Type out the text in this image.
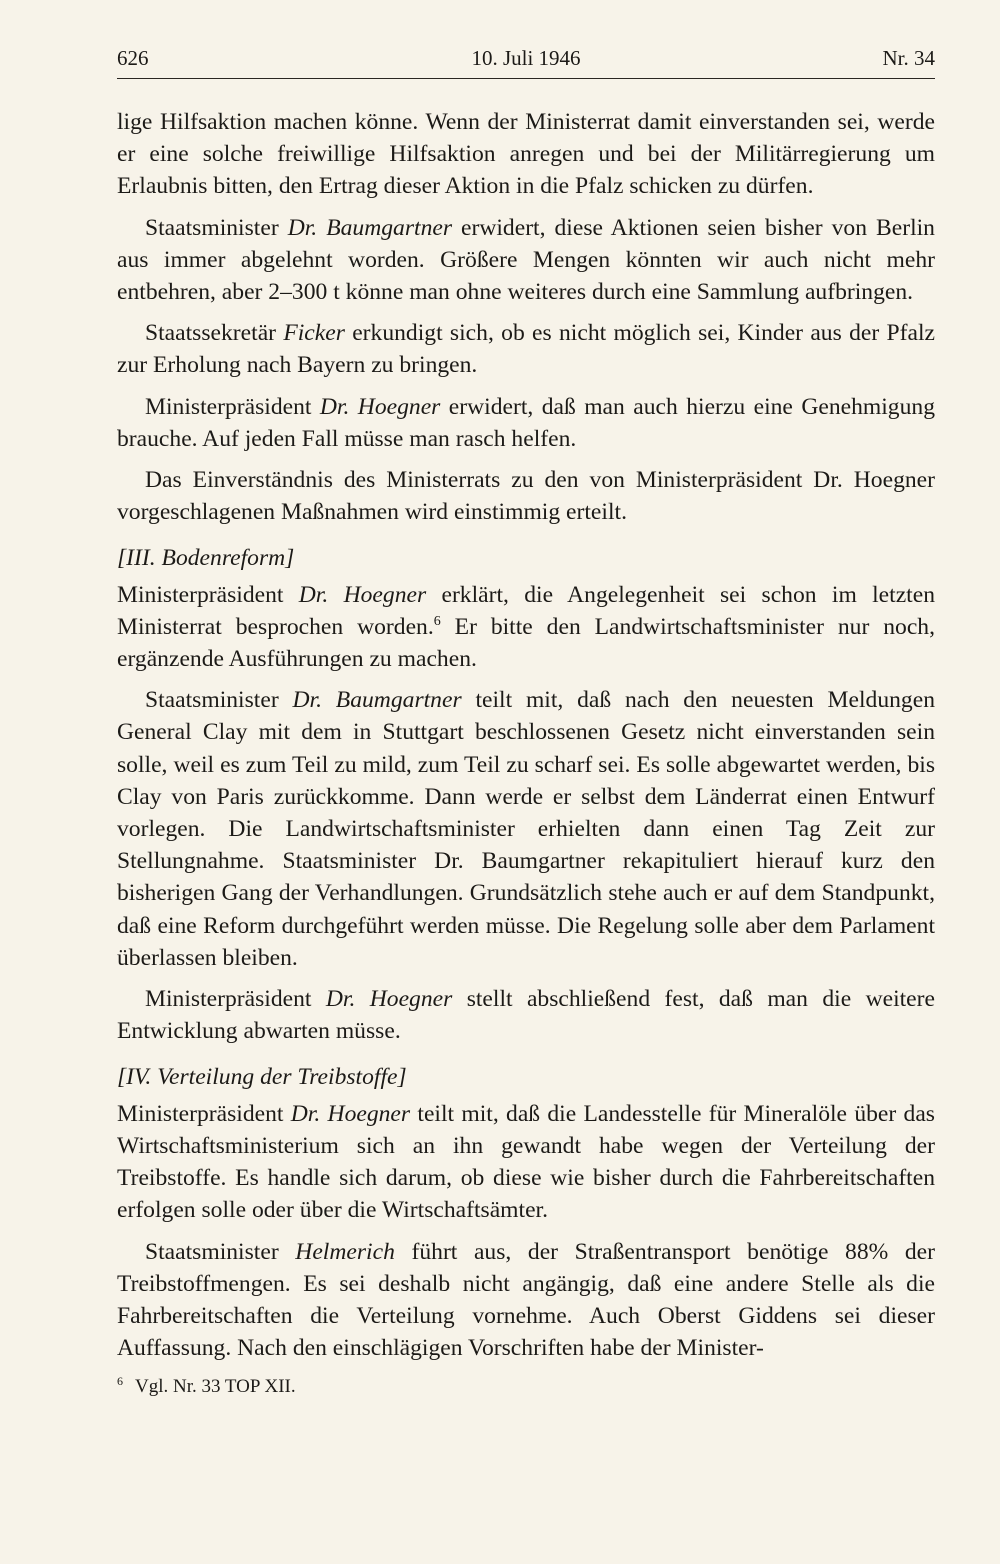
626	10. Juli 1946	Nr. 34

lige Hilfsaktion machen könne. Wenn der Ministerrat damit einverstanden sei, werde er eine solche freiwillige Hilfsaktion anregen und bei der Militärregierung um Erlaubnis bitten, den Ertrag dieser Aktion in die Pfalz schicken zu dürfen.

Staatsminister Dr. Baumgartner erwidert, diese Aktionen seien bisher von Berlin aus immer abgelehnt worden. Größere Mengen könnten wir auch nicht mehr entbehren, aber 2–300 t könne man ohne weiteres durch eine Sammlung aufbringen.

Staatssekretär Ficker erkundigt sich, ob es nicht möglich sei, Kinder aus der Pfalz zur Erholung nach Bayern zu bringen.

Ministerpräsident Dr. Hoegner erwidert, daß man auch hierzu eine Genehmigung brauche. Auf jeden Fall müsse man rasch helfen.

Das Einverständnis des Ministerrats zu den von Ministerpräsident Dr. Hoegner vorgeschlagenen Maßnahmen wird einstimmig erteilt.

[III. Bodenreform]

Ministerpräsident Dr. Hoegner erklärt, die Angelegenheit sei schon im letzten Ministerrat besprochen worden.$^6$ Er bitte den Landwirtschaftsminister nur noch, ergänzende Ausführungen zu machen.

Staatsminister Dr. Baumgartner teilt mit, daß nach den neuesten Meldungen General Clay mit dem in Stuttgart beschlossenen Gesetz nicht einverstanden sein solle, weil es zum Teil zu mild, zum Teil zu scharf sei. Es solle abgewartet werden, bis Clay von Paris zurückkomme. Dann werde er selbst dem Länderrat einen Entwurf vorlegen. Die Landwirtschaftsminister erhielten dann einen Tag Zeit zur Stellungnahme. Staatsminister Dr. Baumgartner rekapituliert hierauf kurz den bisherigen Gang der Verhandlungen. Grundsätzlich stehe auch er auf dem Standpunkt, daß eine Reform durchgeführt werden müsse. Die Regelung solle aber dem Parlament überlassen bleiben.

Ministerpräsident Dr. Hoegner stellt abschließend fest, daß man die weitere Entwicklung abwarten müsse.

[IV. Verteilung der Treibstoffe]

Ministerpräsident Dr. Hoegner teilt mit, daß die Landesstelle für Mineralöle über das Wirtschaftsministerium sich an ihn gewandt habe wegen der Verteilung der Treibstoffe. Es handle sich darum, ob diese wie bisher durch die Fahrbereitschaften erfolgen solle oder über die Wirtschaftsämter.

Staatsminister Helmerich führt aus, der Straßentransport benötige 88% der Treibstoffmengen. Es sei deshalb nicht angängig, daß eine andere Stelle als die Fahrbereitschaften die Verteilung vornehme. Auch Oberst Giddens sei dieser Auffassung. Nach den einschlägigen Vorschriften habe der Minister-

$^6$ Vgl. Nr. 33 TOP XII.
